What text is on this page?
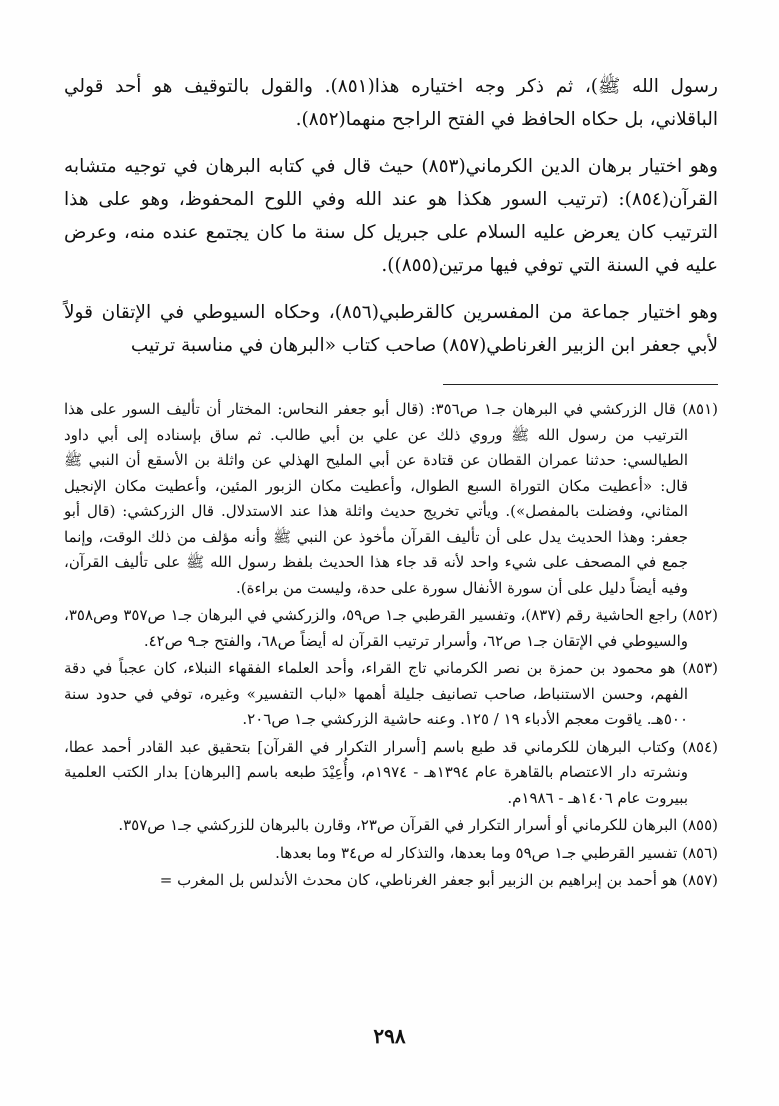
رسول الله ﷺ)، ثم ذكر وجه اختياره هذا(٨٥١). والقول بالتوقيف هو أحد قولي الباقلاني، بل حكاه الحافظ في الفتح الراجح منهما(٨٥٢).

وهو اختيار برهان الدين الكرماني(٨٥٣) حيث قال في كتابه البرهان في توجيه متشابه القرآن(٨٥٤): (ترتيب السور هكذا هو عند الله وفي اللوح المحفوظ، وهو على هذا الترتيب كان يعرض عليه السلام على جبريل كل سنة ما كان يجتمع عنده منه، وعرض عليه في السنة التي توفي فيها مرتين(٨٥٥)).

وهو اختيار جماعة من المفسرين كالقرطبي(٨٥٦)، وحكاه السيوطي في الإتقان قولاً لأبي جعفر ابن الزبير الغرناطي(٨٥٧) صاحب كتاب «البرهان في مناسبة ترتيب

(٨٥١) قال الزركشي في البرهان جـ١ ص٣٥٦: (قال أبو جعفر النحاس: المختار أن تأليف السور على هذا الترتيب من رسول الله ﷺ وروي ذلك عن علي بن أبي طالب. ثم ساق بإسناده إلى أبي داود الطيالسي: حدثنا عمران القطان عن قتادة عن أبي المليح الهذلي عن واثلة بن الأسقع أن النبي ﷺ قال: «أعطيت مكان التوراة السبع الطوال، وأعطيت مكان الزبور المئين، وأعطيت مكان الإنجيل المثاني، وفضلت بالمفصل»). ويأتي تخريج حديث واثلة هذا عند الاستدلال. قال الزركشي: (قال أبو جعفر: وهذا الحديث يدل على أن تأليف القرآن مأخوذ عن النبي ﷺ وأنه مؤلف من ذلك الوقت، وإنما جمع في المصحف على شيء واحد لأنه قد جاء هذا الحديث بلفظ رسول الله ﷺ على تأليف القرآن، وفيه أيضاً دليل على أن سورة الأنفال سورة على حدة، وليست من براءة).

(٨٥٢) راجع الحاشية رقم (٨٣٧)، وتفسير القرطبي جـ١ ص٥٩، والزركشي في البرهان جـ١ ص٣٥٧ وص٣٥٨، والسيوطي في الإتقان جـ١ ص٦٢، وأسرار ترتيب القرآن له أيضاً ص٦٨، والفتح جـ٩ ص٤٢.

(٨٥٣) هو محمود بن حمزة بن نصر الكرماني تاج القراء، وأحد العلماء الفقهاء النبلاء، كان عجباً في دقة الفهم، وحسن الاستنباط، صاحب تصانيف جليلة أهمها «لباب التفسير» وغيره، توفي في حدود سنة ٥٠٠هـ. ياقوت معجم الأدباء ١٩ / ١٢٥. وعنه حاشية الزركشي جـ١ ص٢٠٦.

(٨٥٤) وكتاب البرهان للكرماني قد طبع باسم [أسرار التكرار في القرآن] بتحقيق عبد القادر أحمد عطا، ونشرته دار الاعتصام بالقاهرة عام ١٣٩٤هـ - ١٩٧٤م، وأُعِيْدَ طبعه باسم [البرهان] بدار الكتب العلمية ببيروت عام ١٤٠٦هـ - ١٩٨٦م.

(٨٥٥) البرهان للكرماني أو أسرار التكرار في القرآن ص٢٣، وقارن بالبرهان للزركشي جـ١ ص٣٥٧.

(٨٥٦) تفسير القرطبي جـ١ ص٥٩ وما بعدها، والتذكار له ص٣٤ وما بعدها.

(٨٥٧) هو أحمد بن إبراهيم بن الزبير أبو جعفر الغرناطي، كان محدث الأندلس بل المغرب =

٢٩٨
